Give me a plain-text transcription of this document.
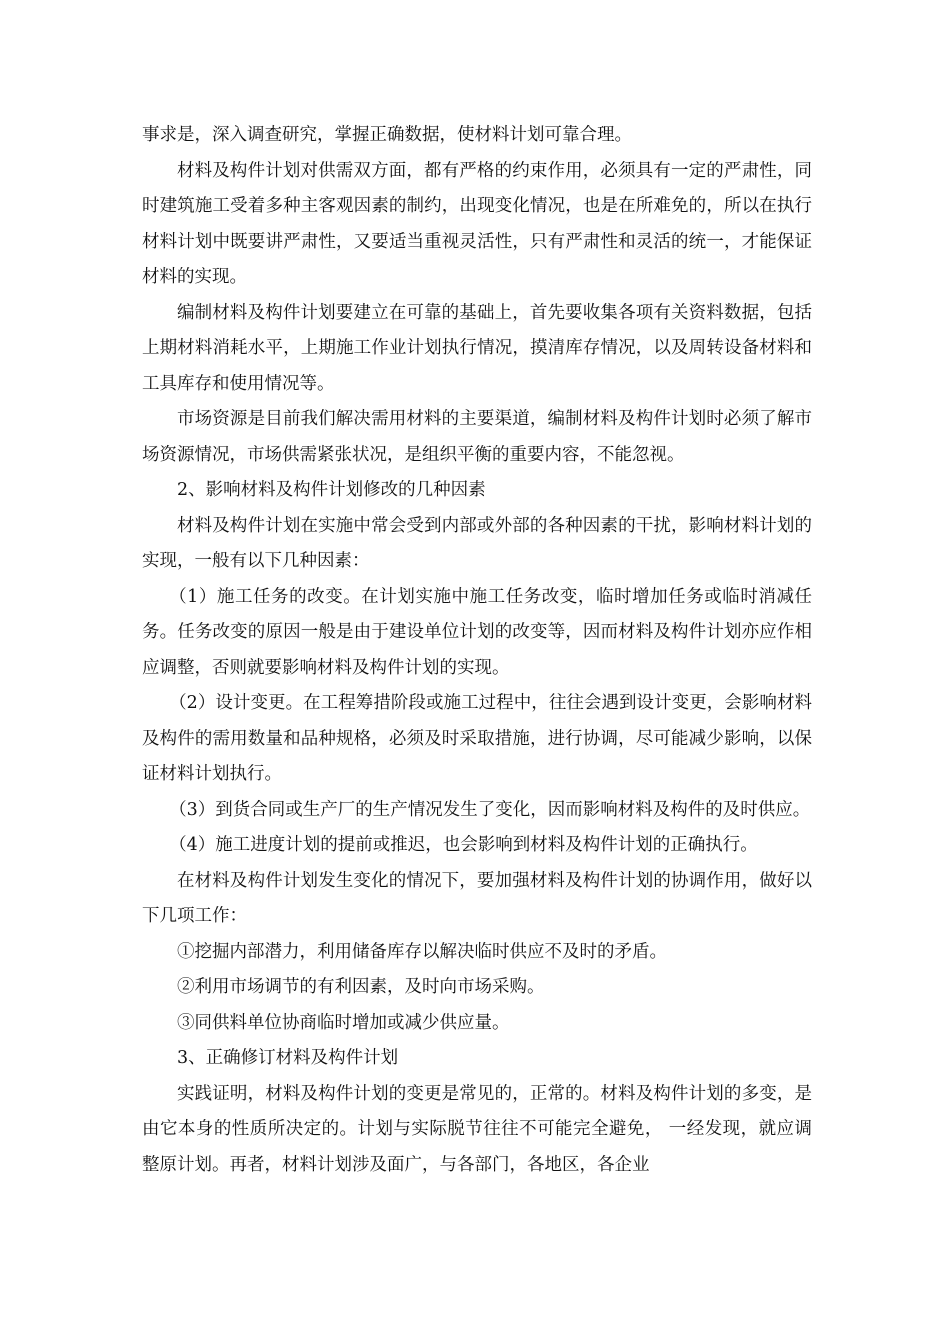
事求是，深入调查研究，掌握正确数据，使材料计划可靠合理。

材料及构件计划对供需双方面，都有严格的约束作用，必须具有一定的严肃性，同时建筑施工受着多种主客观因素的制约，出现变化情况，也是在所难免的，所以在执行材料计划中既要讲严肃性，又要适当重视灵活性，只有严肃性和灵活的统一，才能保证材料的实现。

编制材料及构件计划要建立在可靠的基础上，首先要收集各项有关资料数据，包括上期材料消耗水平，上期施工作业计划执行情况，摸清库存情况，以及周转设备材料和工具库存和使用情况等。

市场资源是目前我们解决需用材料的主要渠道，编制材料及构件计划时必须了解市场资源情况，市场供需紧张状况，是组织平衡的重要内容，不能忽视。

2、影响材料及构件计划修改的几种因素

材料及构件计划在实施中常会受到内部或外部的各种因素的干扰，影响材料计划的实现，一般有以下几种因素：

（1）施工任务的改变。在计划实施中施工任务改变，临时增加任务或临时消减任务。任务改变的原因一般是由于建设单位计划的改变等，因而材料及构件计划亦应作相应调整，否则就要影响材料及构件计划的实现。

（2）设计变更。在工程筹措阶段或施工过程中，往往会遇到设计变更，会影响材料及构件的需用数量和品种规格，必须及时采取措施，进行协调，尽可能减少影响，以保证材料计划执行。

（3）到货合同或生产厂的生产情况发生了变化，因而影响材料及构件的及时供应。

（4）施工进度计划的提前或推迟，也会影响到材料及构件计划的正确执行。

在材料及构件计划发生变化的情况下，要加强材料及构件计划的协调作用，做好以下几项工作：

①挖掘内部潜力，利用储备库存以解决临时供应不及时的矛盾。

②利用市场调节的有利因素，及时向市场采购。

③同供料单位协商临时增加或减少供应量。

3、正确修订材料及构件计划

实践证明，材料及构件计划的变更是常见的，正常的。材料及构件计划的多变，是由它本身的性质所决定的。计划与实际脱节往往不可能完全避免， 一经发现，就应调整原计划。再者，材料计划涉及面广，与各部门，各地区，各企业
